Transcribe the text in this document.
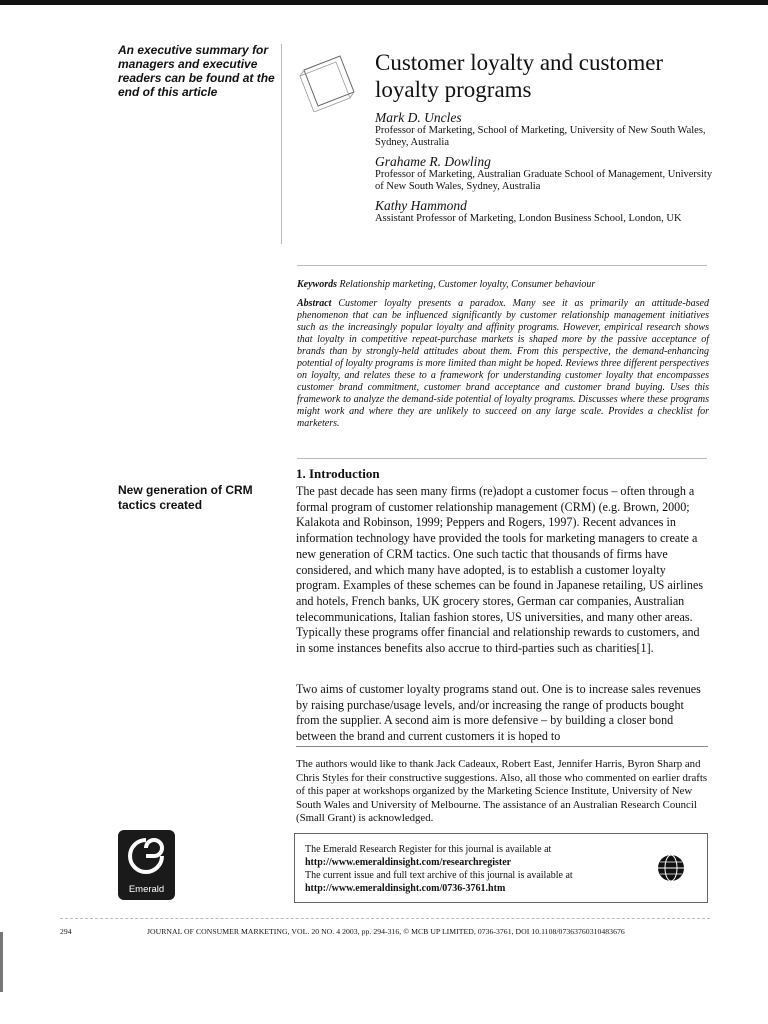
An executive summary for managers and executive readers can be found at the end of this article
Customer loyalty and customer loyalty programs
Mark D. Uncles
Professor of Marketing, School of Marketing, University of New South Wales, Sydney, Australia
Grahame R. Dowling
Professor of Marketing, Australian Graduate School of Management, University of New South Wales, Sydney, Australia
Kathy Hammond
Assistant Professor of Marketing, London Business School, London, UK
Keywords Relationship marketing, Customer loyalty, Consumer behaviour
Abstract Customer loyalty presents a paradox. Many see it as primarily an attitude-based phenomenon that can be influenced significantly by customer relationship management initiatives such as the increasingly popular loyalty and affinity programs. However, empirical research shows that loyalty in competitive repeat-purchase markets is shaped more by the passive acceptance of brands than by strongly-held attitudes about them. From this perspective, the demand-enhancing potential of loyalty programs is more limited than might be hoped. Reviews three different perspectives on loyalty, and relates these to a framework for understanding customer loyalty that encompasses customer brand commitment, customer brand acceptance and customer brand buying. Uses this framework to analyze the demand-side potential of loyalty programs. Discusses where these programs might work and where they are unlikely to succeed on any large scale. Provides a checklist for marketers.
New generation of CRM tactics created
1. Introduction
The past decade has seen many firms (re)adopt a customer focus – often through a formal program of customer relationship management (CRM) (e.g. Brown, 2000; Kalakota and Robinson, 1999; Peppers and Rogers, 1997). Recent advances in information technology have provided the tools for marketing managers to create a new generation of CRM tactics. One such tactic that thousands of firms have considered, and which many have adopted, is to establish a customer loyalty program. Examples of these schemes can be found in Japanese retailing, US airlines and hotels, French banks, UK grocery stores, German car companies, Australian telecommunications, Italian fashion stores, US universities, and many other areas. Typically these programs offer financial and relationship rewards to customers, and in some instances benefits also accrue to third-parties such as charities[1].
Two aims of customer loyalty programs stand out. One is to increase sales revenues by raising purchase/usage levels, and/or increasing the range of products bought from the supplier. A second aim is more defensive – by building a closer bond between the brand and current customers it is hoped to
The authors would like to thank Jack Cadeaux, Robert East, Jennifer Harris, Byron Sharp and Chris Styles for their constructive suggestions. Also, all those who commented on earlier drafts of this paper at workshops organized by the Marketing Science Institute, University of New South Wales and University of Melbourne. The assistance of an Australian Research Council (Small Grant) is acknowledged.
The Emerald Research Register for this journal is available at
http://www.emeraldinsight.com/researchregister
The current issue and full text archive of this journal is available at
http://www.emeraldinsight.com/0736-3761.htm
Emerald
294	JOURNAL OF CONSUMER MARKETING, VOL. 20 NO. 4 2003, pp. 294-316, © MCB UP LIMITED, 0736-3761, DOI 10.1108/07363760310483676
